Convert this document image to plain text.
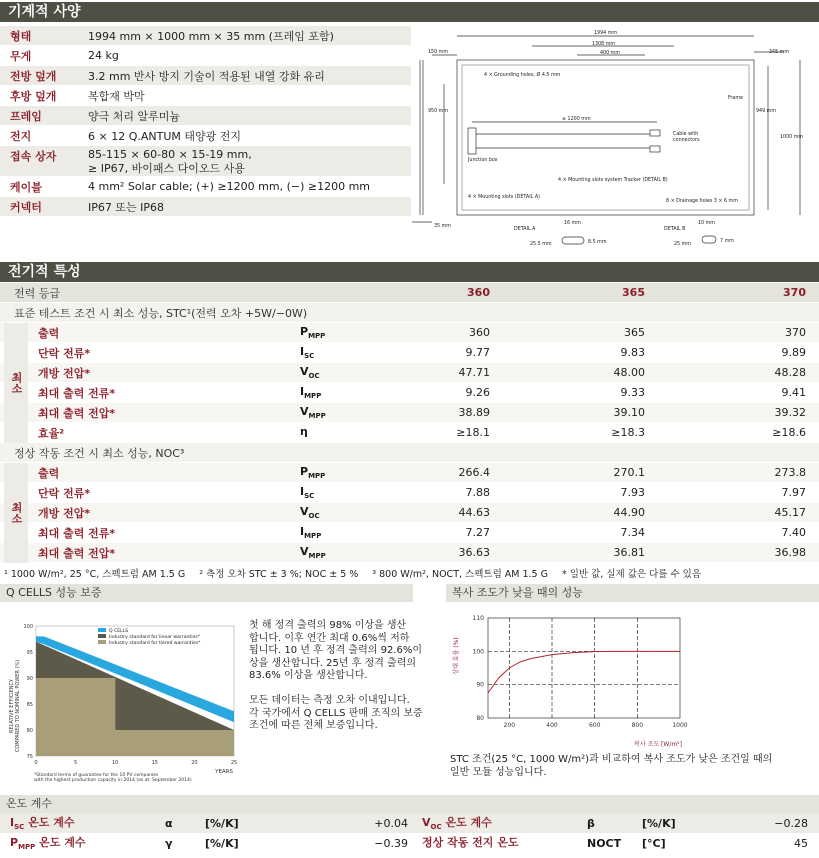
기계적 사양
형태	1994 mm × 1000 mm × 35 mm (프레임 포함)
무게	24 kg
전방 덮개	3.2 mm 반사 방지 기술이 적용된 내열 강화 유리
후방 덮개	복합재 박막
프레임	양극 처리 알루미늄
전지	6 × 12 Q.ANTUM 태양광 전지
접속 상자	85-115 × 60-80 × 15-19 mm,
≥ IP67, 바이패스 다이오드 사용
케이블	4 mm² Solar cable; (+) ≥1200 mm, (−) ≥1200 mm
커넥터	IP67 또는 IP68
1994 mm
1308 mm
400 mm
150 mm	345 mm
4 × Grounding holes, Ø 4.5 mm
950 mm
≥ 1200 mm
Frame
949 mm
1000 mm
Cable with
connectors
Junction box
4 × Mounting slots system Tracker (DETAIL B)
4 × Mounting slots (DETAIL A)
8 × Drainage holes 3 × 6 mm
35 mm
DETAIL A
16 mm
25.5 mm	8.5 mm
DETAIL B
10 mm
25 mm
7 mm
전기적 특성
전력 등급	360	365	370
표준 테스트 조건 시 최소 성능, STC¹(전력 오차 +5W/−0W)
출력	$P_{MPP}$	360	365	370
단락 전류*	$I_{SC}$	9.77	9.83	9.89
개방 전압*	$V_{OC}$	47.71	48.00	48.28
최대 출력 전류*	$I_{MPP}$	9.26	9.33	9.41
최대 출력 전압*	$V_{MPP}$	38.89	39.10	39.32
효율²	η	≥18.1	≥18.3	≥18.6
정상 작동 조건 시 최소 성능, NOC³
출력	$P_{MPP}$	266.4	270.1	273.8
단락 전류*	$I_{SC}$	7.88	7.93	7.97
개방 전압*	$V_{OC}$	44.63	44.90	45.17
최대 출력 전류*	$I_{MPP}$	7.27	7.34	7.40
최대 출력 전압*	$V_{MPP}$	36.63	36.81	36.98
¹ 1000 W/m², 25 °C, 스펙트럼 AM 1.5 G ² 측정 오차 STC ± 3 %; NOC ± 5 % ³ 800 W/m², NOCT, 스펙트럼 AM 1.5 G * 일반 값, 실제 값은 다를 수 있음
Q CELLS 성능 보증
RELATIVE EFFICIENCY COMPARED TO NOMINAL POWER (%)
YEARS
*Standard terms of guarantee for the 10 PV companies
with the highest production capacity in 2014 (as at: September 2014)
100
95
90
85
80
75
0	5	10	15	20	25
Q CELLS
Industry standard for linear warranties*
Industry standard for tiered warranties*
첫 해 정격 출력의 98% 이상을 생산
합니다. 이후 연간 최대 0.6%씩 저하
됩니다. 10 년 후 정격 출력의 92.6%이
상을 생산합니다. 25년 후 정격 출력의
83.6% 이상을 생산합니다.
모든 데이터는 측정 오차 이내입니다.
각 국가에서 Q CELLS 판매 조직의 보증
조건에 따른 전체 보증입니다.
복사 조도가 낮을 때의 성능
상대 효율 (%)
복사 조도 [W/m²]
200	400	600	800	1000
110
100
90
80
STC 조건(25 °C, 1000 W/m²)과 비교하여 복사 조도가 낮은 조건일 때의
일반 모듈 성능입니다.
온도 계수
$I_{SC}$ 온도 계수	α	[%/K]	+0.04	$V_{OC}$ 온도 계수	β	[%/K]	−0.28
$P_{MPP}$ 온도 계수	γ	[%/K]	−0.39	정상 작동 전지 온도	NOCT	[°C]	45
최소
최소
